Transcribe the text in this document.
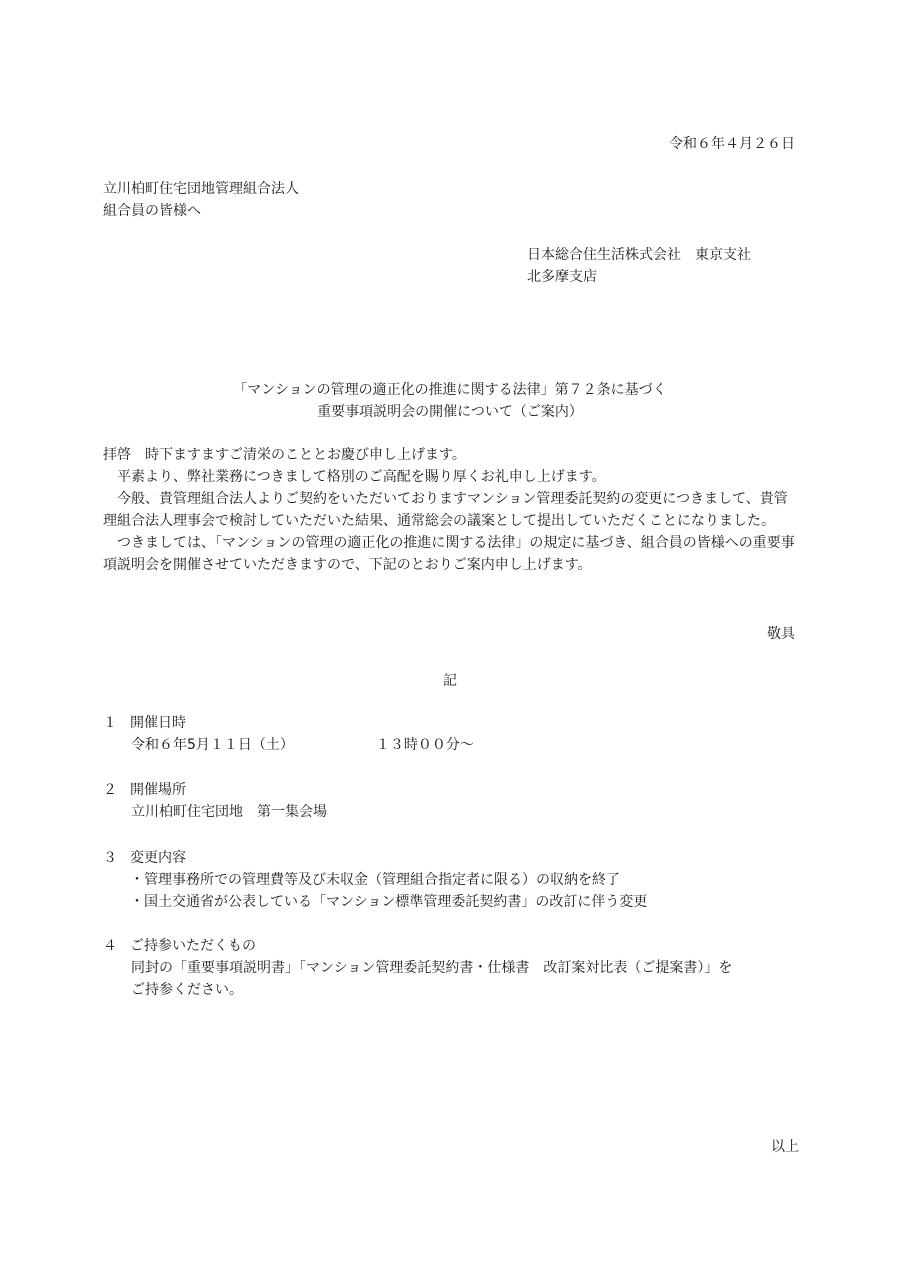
令和６年４月２６日
立川柏町住宅団地管理組合法人
組合員の皆様へ
日本総合住生活株式会社　東京支社
北多摩支店
「マンションの管理の適正化の推進に関する法律」第７２条に基づく
重要事項説明会の開催について（ご案内）

拝啓　時下ますますご清栄のこととお慶び申し上げます。

平素より、弊社業務につきまして格別のご高配を賜り厚くお礼申し上げます。

今般、貴管理組合法人よりご契約をいただいておりますマンション管理委託契約の変更につきまして、貴管理組合法人理事会で検討していただいた結果、通常総会の議案として提出していただくことになりました。

つきましては、「マンションの管理の適正化の推進に関する法律」の規定に基づき、組合員の皆様への重要事項説明会を開催させていただきますので、下記のとおりご案内申し上げます。

敬具
記
１ 開催日時
令和６年5月１１日（土）	１３時００分～
２ 開催場所
立川柏町住宅団地　第一集会場
３ 変更内容
・管理事務所での管理費等及び未収金（管理組合指定者に限る）の収納を終了
・国土交通省が公表している「マンション標準管理委託契約書」の改訂に伴う変更
４ ご持参いただくもの
同封の「重要事項説明書」「マンション管理委託契約書・仕様書　改訂案対比表（ご提案書）」を
ご持参ください。
以上
